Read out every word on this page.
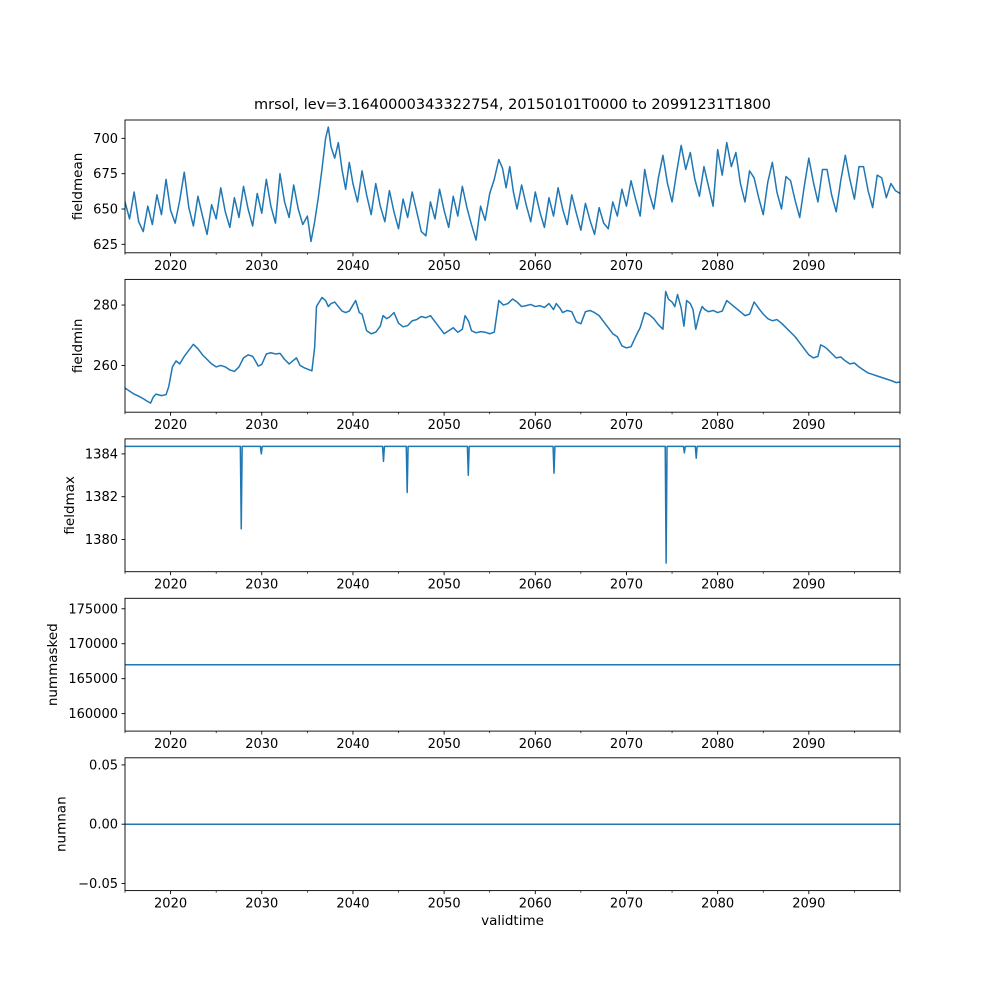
mrsol, lev=3.1640000343322754, 20150101T0000 to 20991231T1800
625
650
675
700
2020	2030	2040	2050	2060	2070	2080	2090
fieldmean
260
280
2020	2030	2040	2050	2060	2070	2080	2090
fieldmin
1380
1382
1384
2020	2030	2040	2050	2060	2070	2080	2090
fieldmax
160000
165000
170000
175000
2020	2030	2040	2050	2060	2070	2080	2090
nummasked
−0.05
0.00
0.05
2020	2030	2040	2050	2060	2070	2080	2090
numnan
validtime
